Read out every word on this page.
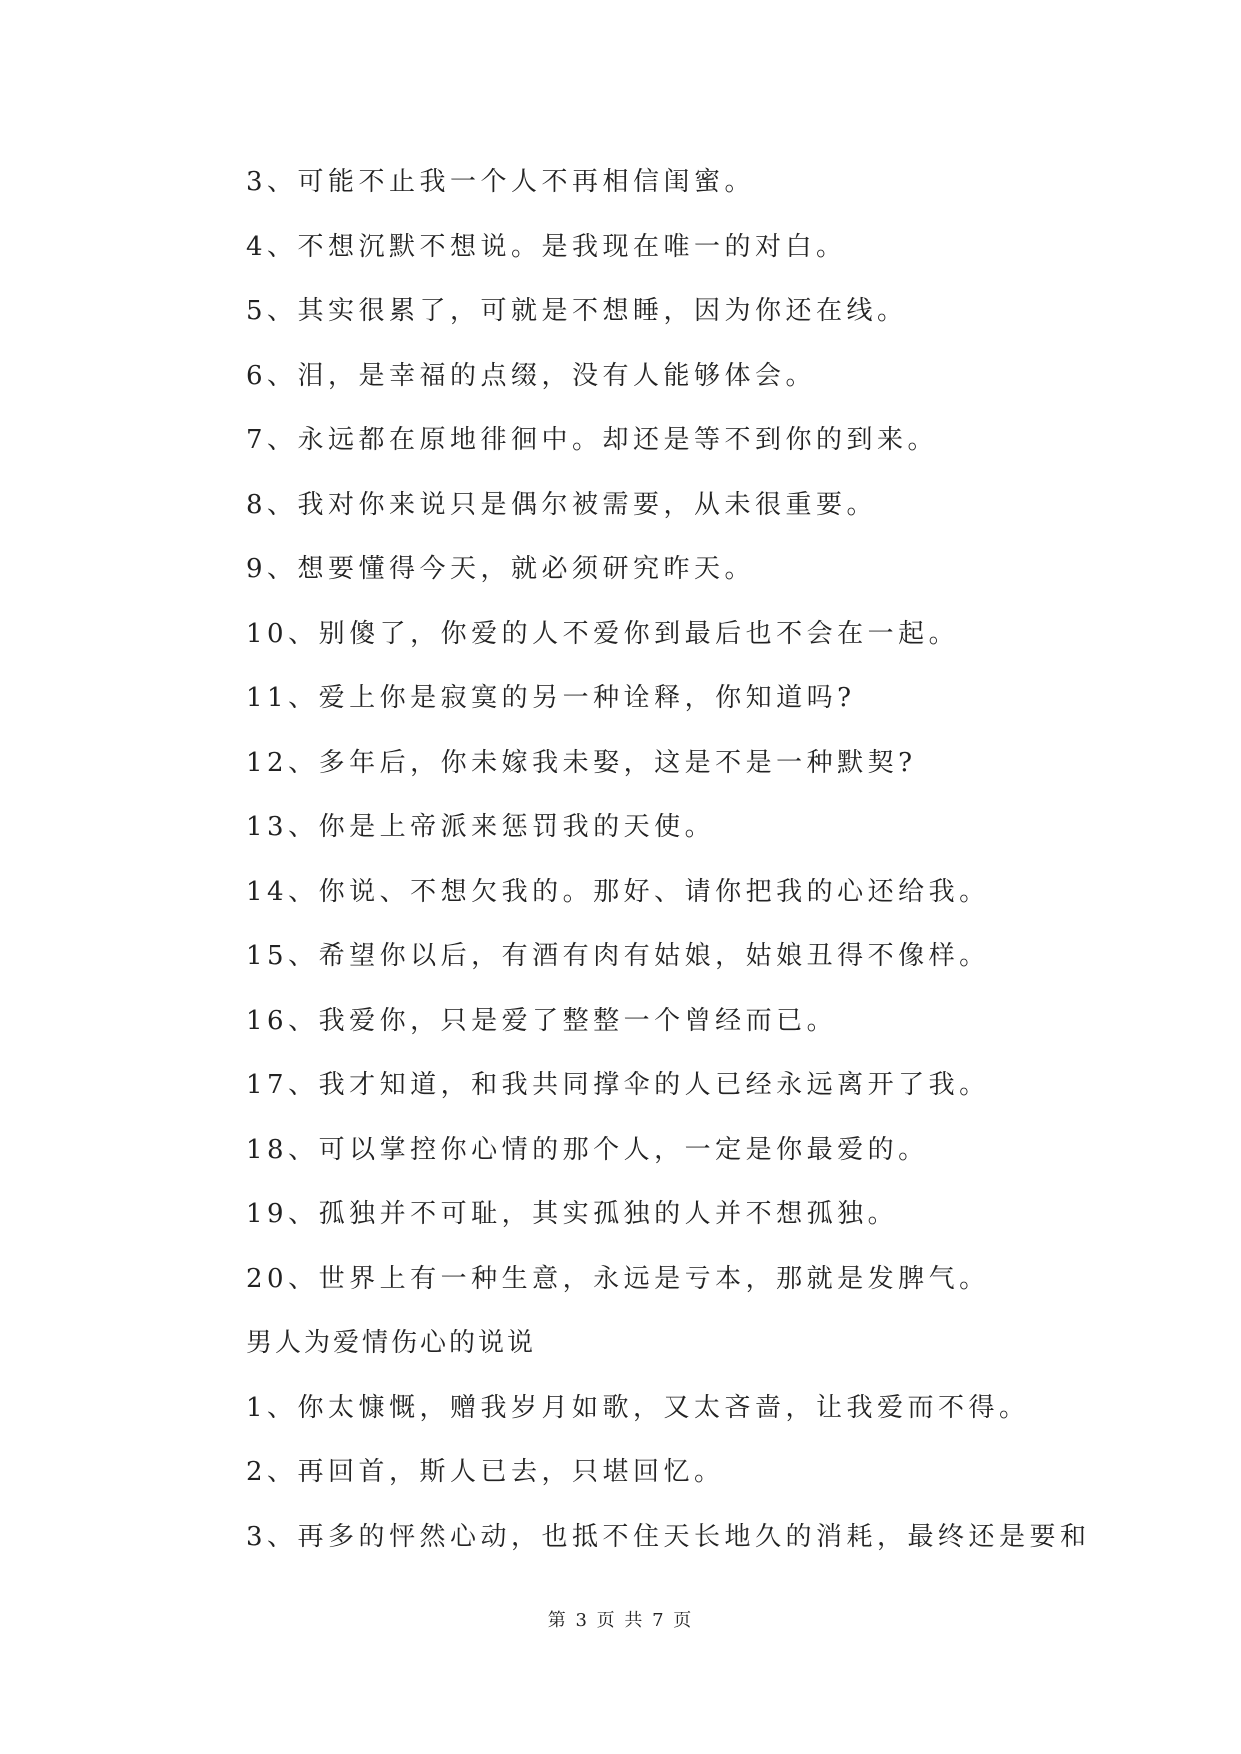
3、可能不止我一个人不再相信闺蜜。
4、不想沉默不想说。是我现在唯一的对白。
5、其实很累了，可就是不想睡，因为你还在线。
6、泪，是幸福的点缀，没有人能够体会。
7、永远都在原地徘徊中。却还是等不到你的到来。
8、我对你来说只是偶尔被需要，从未很重要。
9、想要懂得今天，就必须研究昨天。
10、别傻了，你爱的人不爱你到最后也不会在一起。
11、爱上你是寂寞的另一种诠释，你知道吗?
12、多年后，你未嫁我未娶，这是不是一种默契?
13、你是上帝派来惩罚我的天使。
14、你说、不想欠我的。那好、请你把我的心还给我。
15、希望你以后，有酒有肉有姑娘，姑娘丑得不像样。
16、我爱你，只是爱了整整一个曾经而已。
17、我才知道，和我共同撑伞的人已经永远离开了我。
18、可以掌控你心情的那个人，一定是你最爱的。
19、孤独并不可耻，其实孤独的人并不想孤独。
20、世界上有一种生意，永远是亏本，那就是发脾气。
男人为爱情伤心的说说
1、你太慷慨，赠我岁月如歌，又太吝啬，让我爱而不得。
2、再回首，斯人已去，只堪回忆。
3、再多的怦然心动，也抵不住天长地久的消耗，最终还是要和
第 3 页 共 7 页
